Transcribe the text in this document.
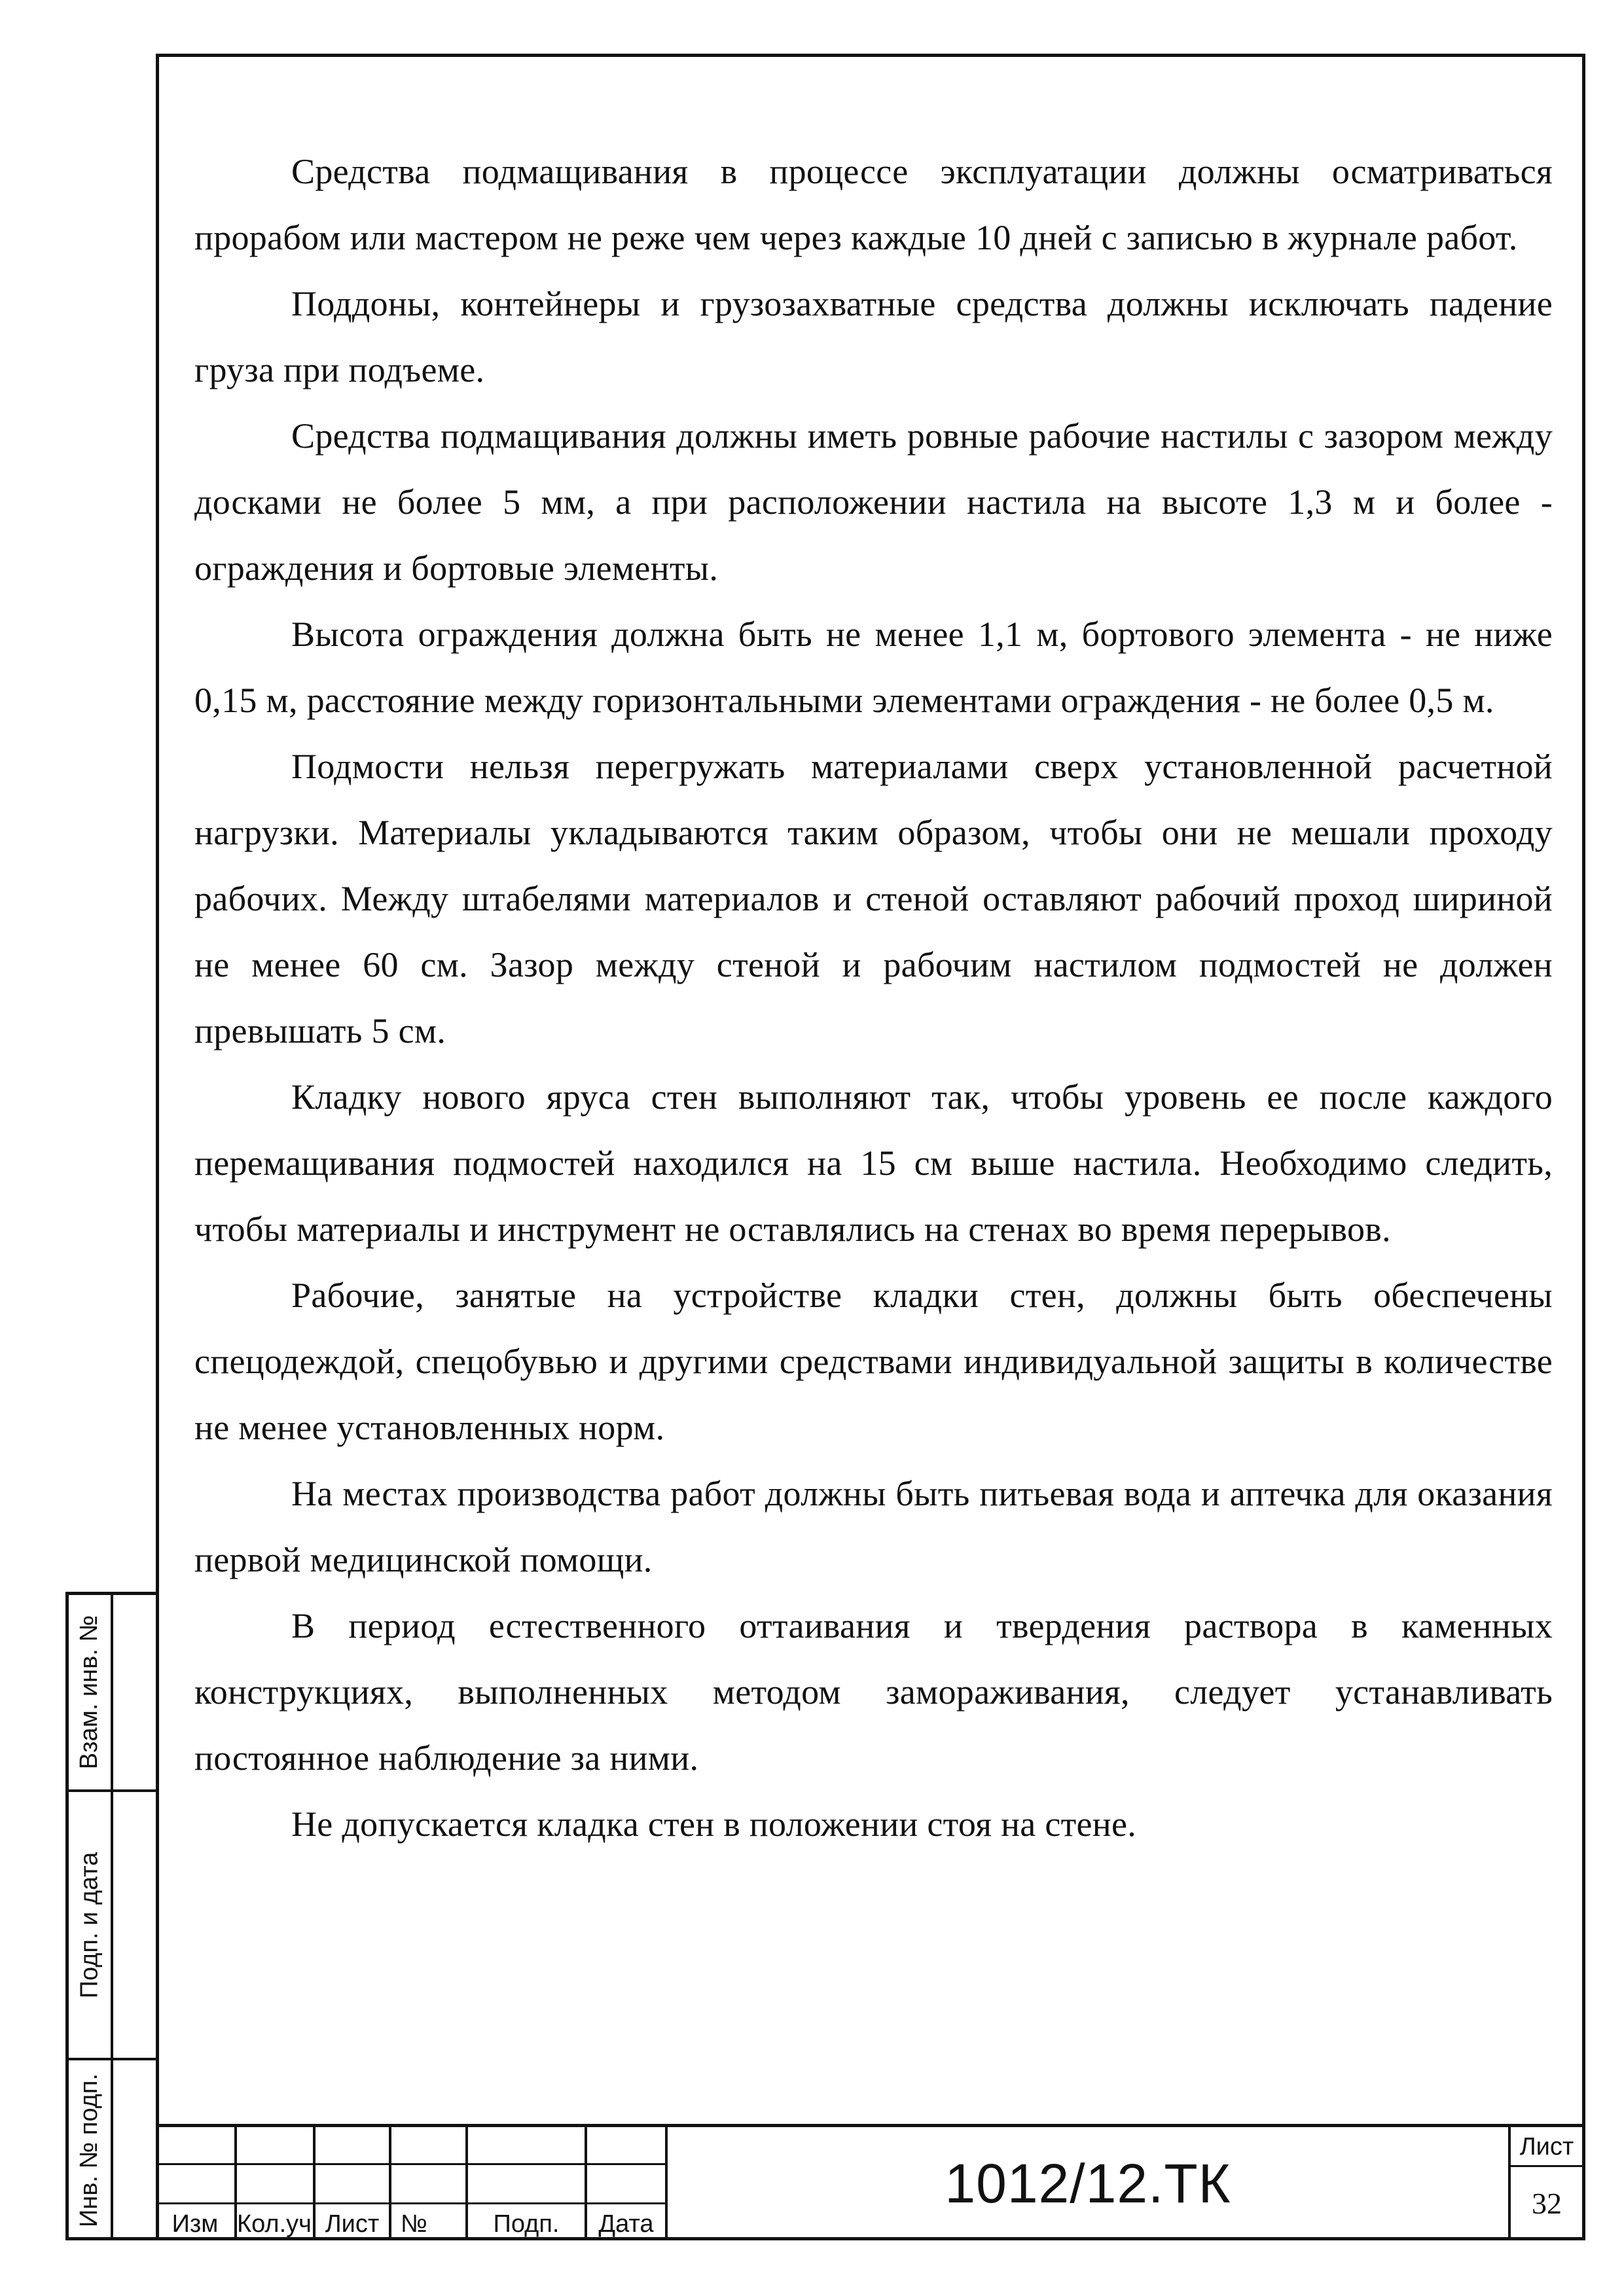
Средства подмащивания в процессе эксплуатации должны осматриваться прорабом или мастером не реже чем через каждые 10 дней с записью в журнале работ.

Поддоны, контейнеры и грузозахватные средства должны исключать падение груза при подъеме.

Средства подмащивания должны иметь ровные рабочие настилы с зазором между досками не более 5 мм, а при расположении настила на высоте 1,3 м и более - ограждения и бортовые элементы.

Высота ограждения должна быть не менее 1,1 м, бортового элемента - не ниже 0,15 м, расстояние между горизонтальными элементами ограждения - не более 0,5 м.

Подмости нельзя перегружать материалами сверх установленной расчетной нагрузки. Материалы укладываются таким образом, чтобы они не мешали проходу рабочих. Между штабелями материалов и стеной оставляют рабочий проход шириной не менее 60 см. Зазор между стеной и рабочим настилом подмостей не должен превышать 5 см.

Кладку нового яруса стен выполняют так, чтобы уровень ее после каждого перемащивания подмостей находился на 15 см выше настила. Необходимо следить, чтобы материалы и инструмент не оставлялись на стенах во время перерывов.

Рабочие, занятые на устройстве кладки стен, должны быть обеспечены спецодеждой, спецобувью и другими средствами индивидуальной защиты в количестве не менее установленных норм.

На местах производства работ должны быть питьевая вода и аптечка для оказания первой медицинской помощи.

В период естественного оттаивания и твердения раствора в каменных конструкциях, выполненных методом замораживания, следует устанавливать постоянное наблюдение за ними.

Не допускается кладка стен в положении стоя на стене.

Взам. инв. №
Подп. и дата
Инв. № подп.	Изм Кол.уч Лист №	Подп.	Дата
1012/12.ТК
Лист
32
